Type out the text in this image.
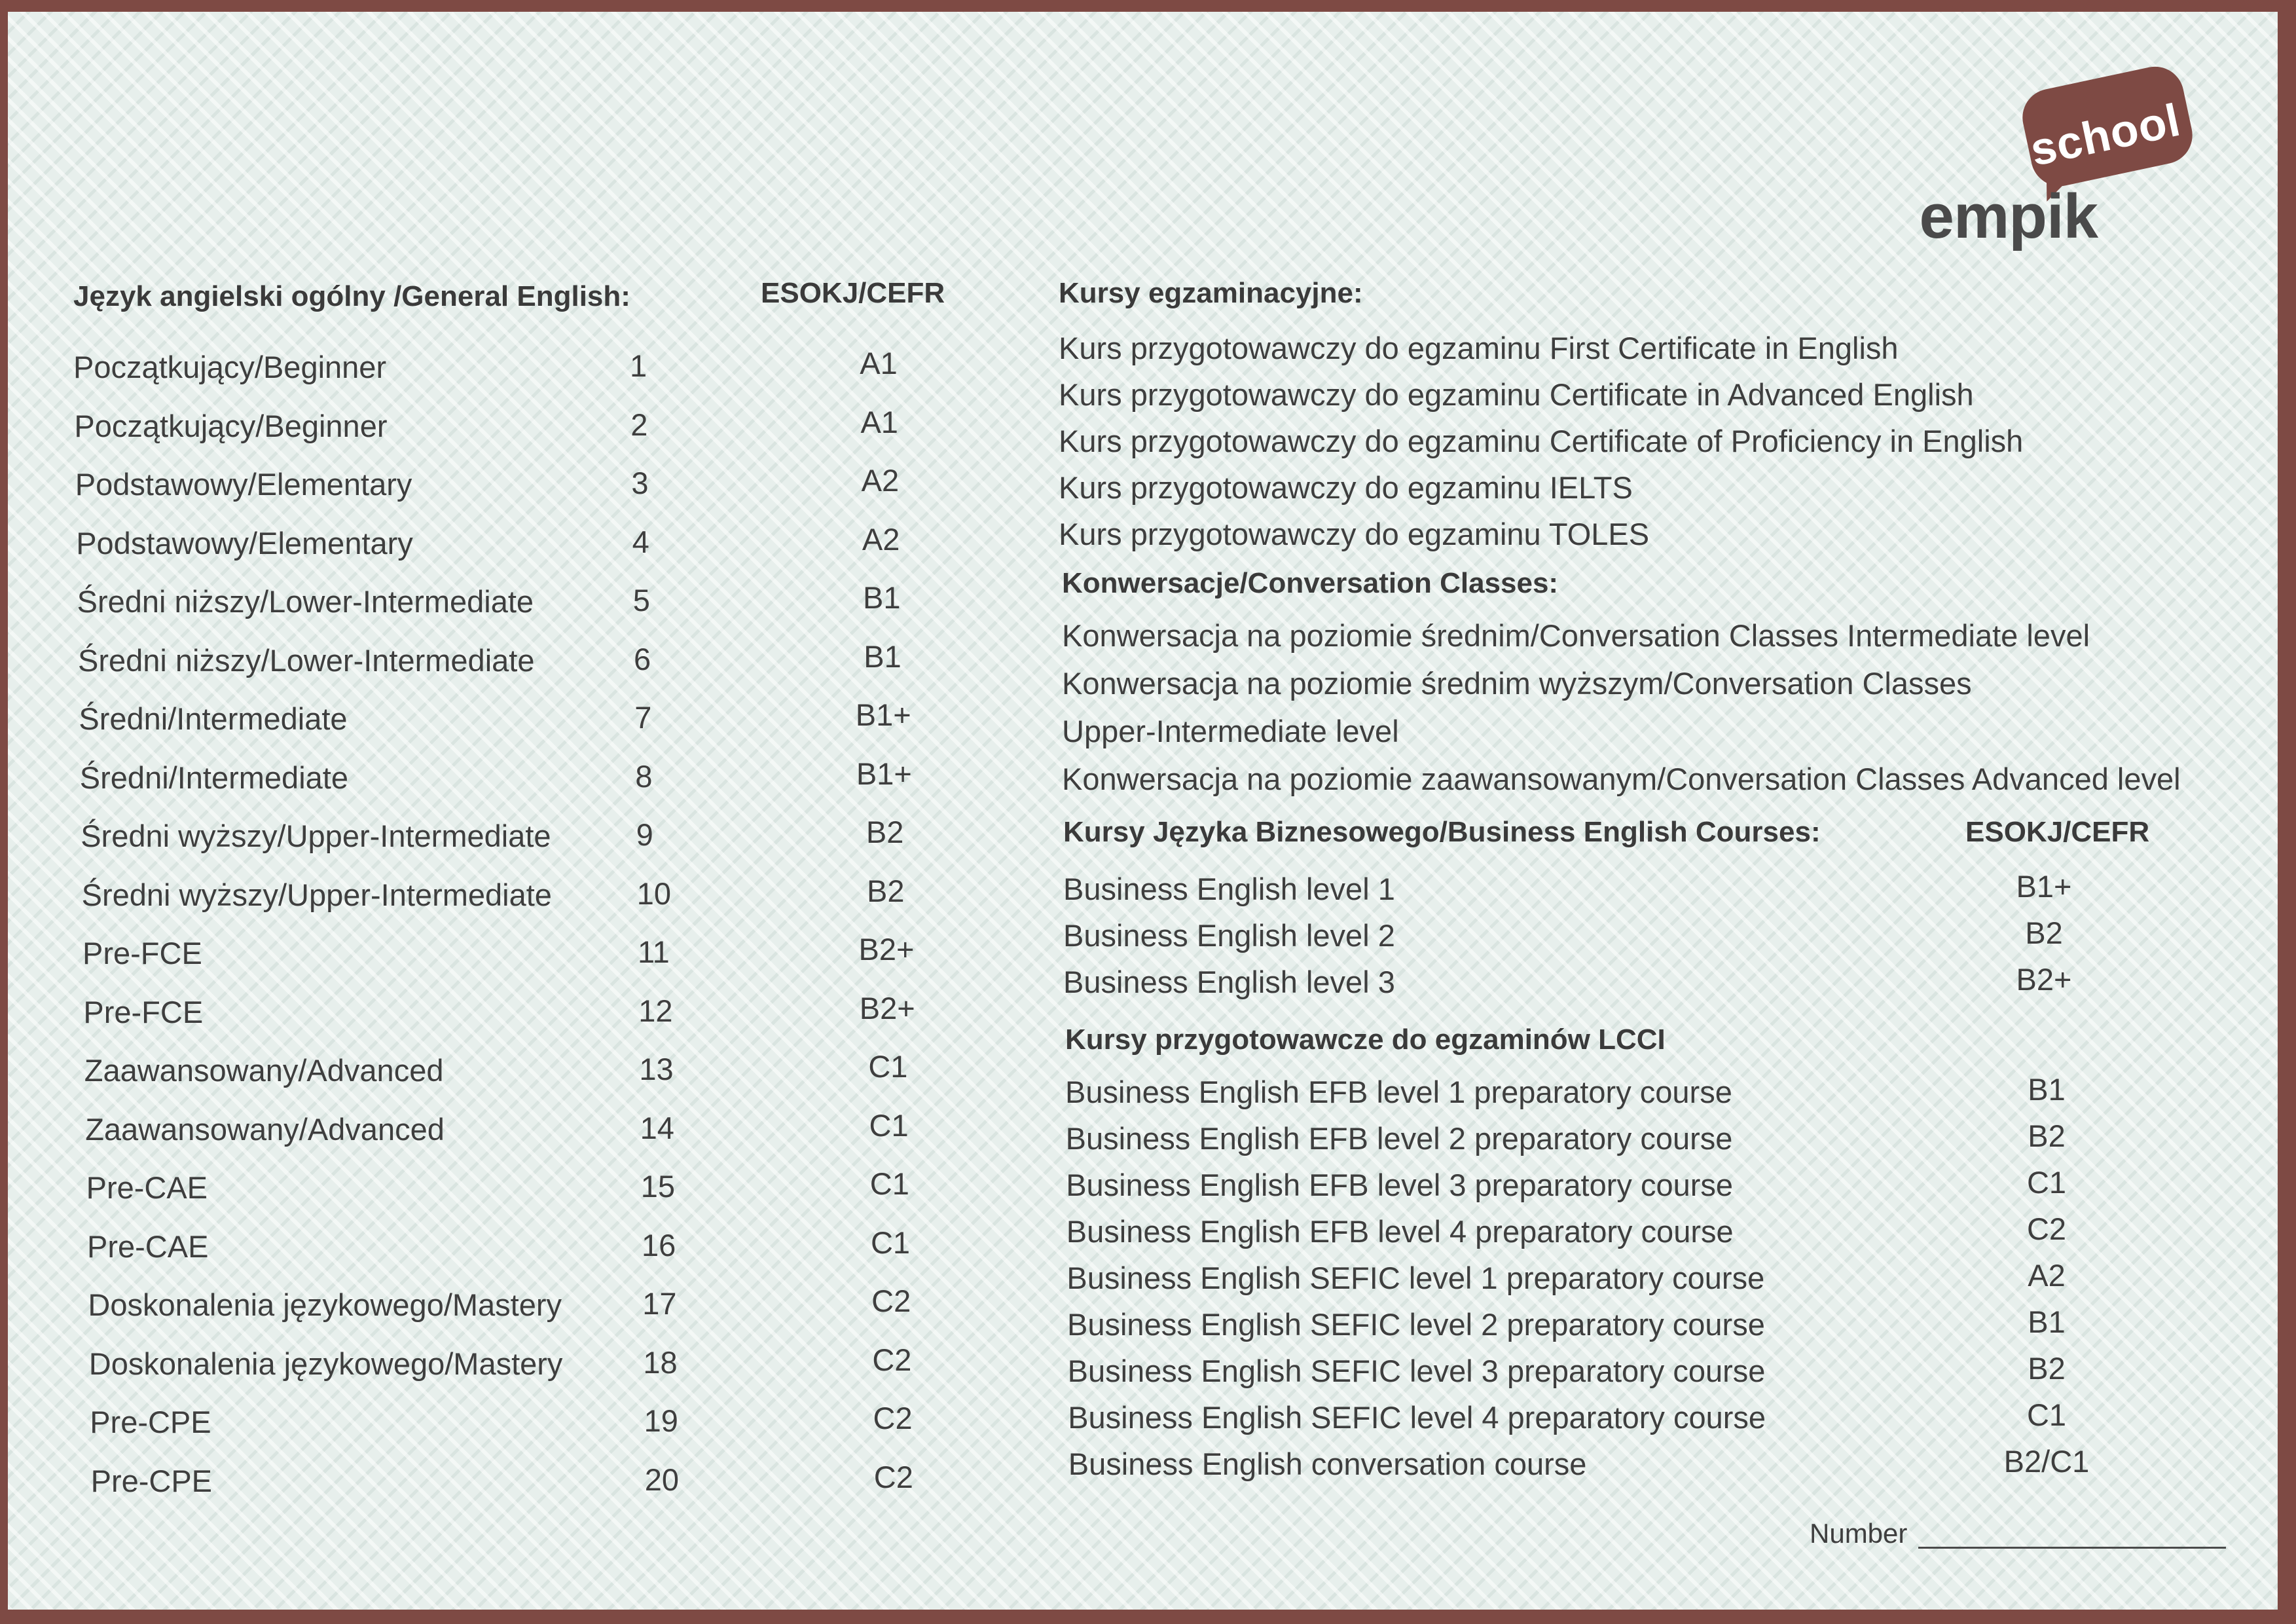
school
empik
Język angielski ogólny /General English:	ESOKJ/CEFR
Początkujący/Beginner	1	A1
Początkujący/Beginner	2	A1
Podstawowy/Elementary	3	A2
Podstawowy/Elementary	4	A2
Średni niższy/Lower-Intermediate	5	B1
Średni niższy/Lower-Intermediate	6	B1
Średni/Intermediate	7	B1+
Średni/Intermediate	8	B1+
Średni wyższy/Upper-Intermediate	9	B2
Średni wyższy/Upper-Intermediate	10	B2
Pre-FCE	11	B2+
Pre-FCE	12	B2+
Zaawansowany/Advanced	13	C1
Zaawansowany/Advanced	14	C1
Pre-CAE	15	C1
Pre-CAE	16	C1
Doskonalenia językowego/Mastery	17	C2
Doskonalenia językowego/Mastery	18	C2
Pre-CPE	19	C2
Pre-CPE	20	C2
Kursy egzaminacyjne:
Kurs przygotowawczy do egzaminu First Certificate in English
Kurs przygotowawczy do egzaminu Certificate in Advanced English
Kurs przygotowawczy do egzaminu Certificate of Proficiency in English
Kurs przygotowawczy do egzaminu IELTS
Kurs przygotowawczy do egzaminu TOLES
Konwersacje/Conversation Classes:
Konwersacja na poziomie średnim/Conversation Classes Intermediate level
Konwersacja na poziomie średnim wyższym/Conversation Classes
Upper-Intermediate level
Konwersacja na poziomie zaawansowanym/Conversation Classes Advanced level
Kursy Języka Biznesowego/Business English Courses:	ESOKJ/CEFR
Business English level 1	B1+
Business English level 2	B2
Business English level 3	B2+
Kursy przygotowawcze do egzaminów LCCI
Business English EFB level 1 preparatory course	B1
Business English EFB level 2 preparatory course	B2
Business English EFB level 3 preparatory course	C1
Business English EFB level 4 preparatory course	C2
Business English SEFIC level 1 preparatory course	A2
Business English SEFIC level 2 preparatory course	B1
Business English SEFIC level 3 preparatory course	B2
Business English SEFIC level 4 preparatory course	C1
Business English conversation course	B2/C1
Number
